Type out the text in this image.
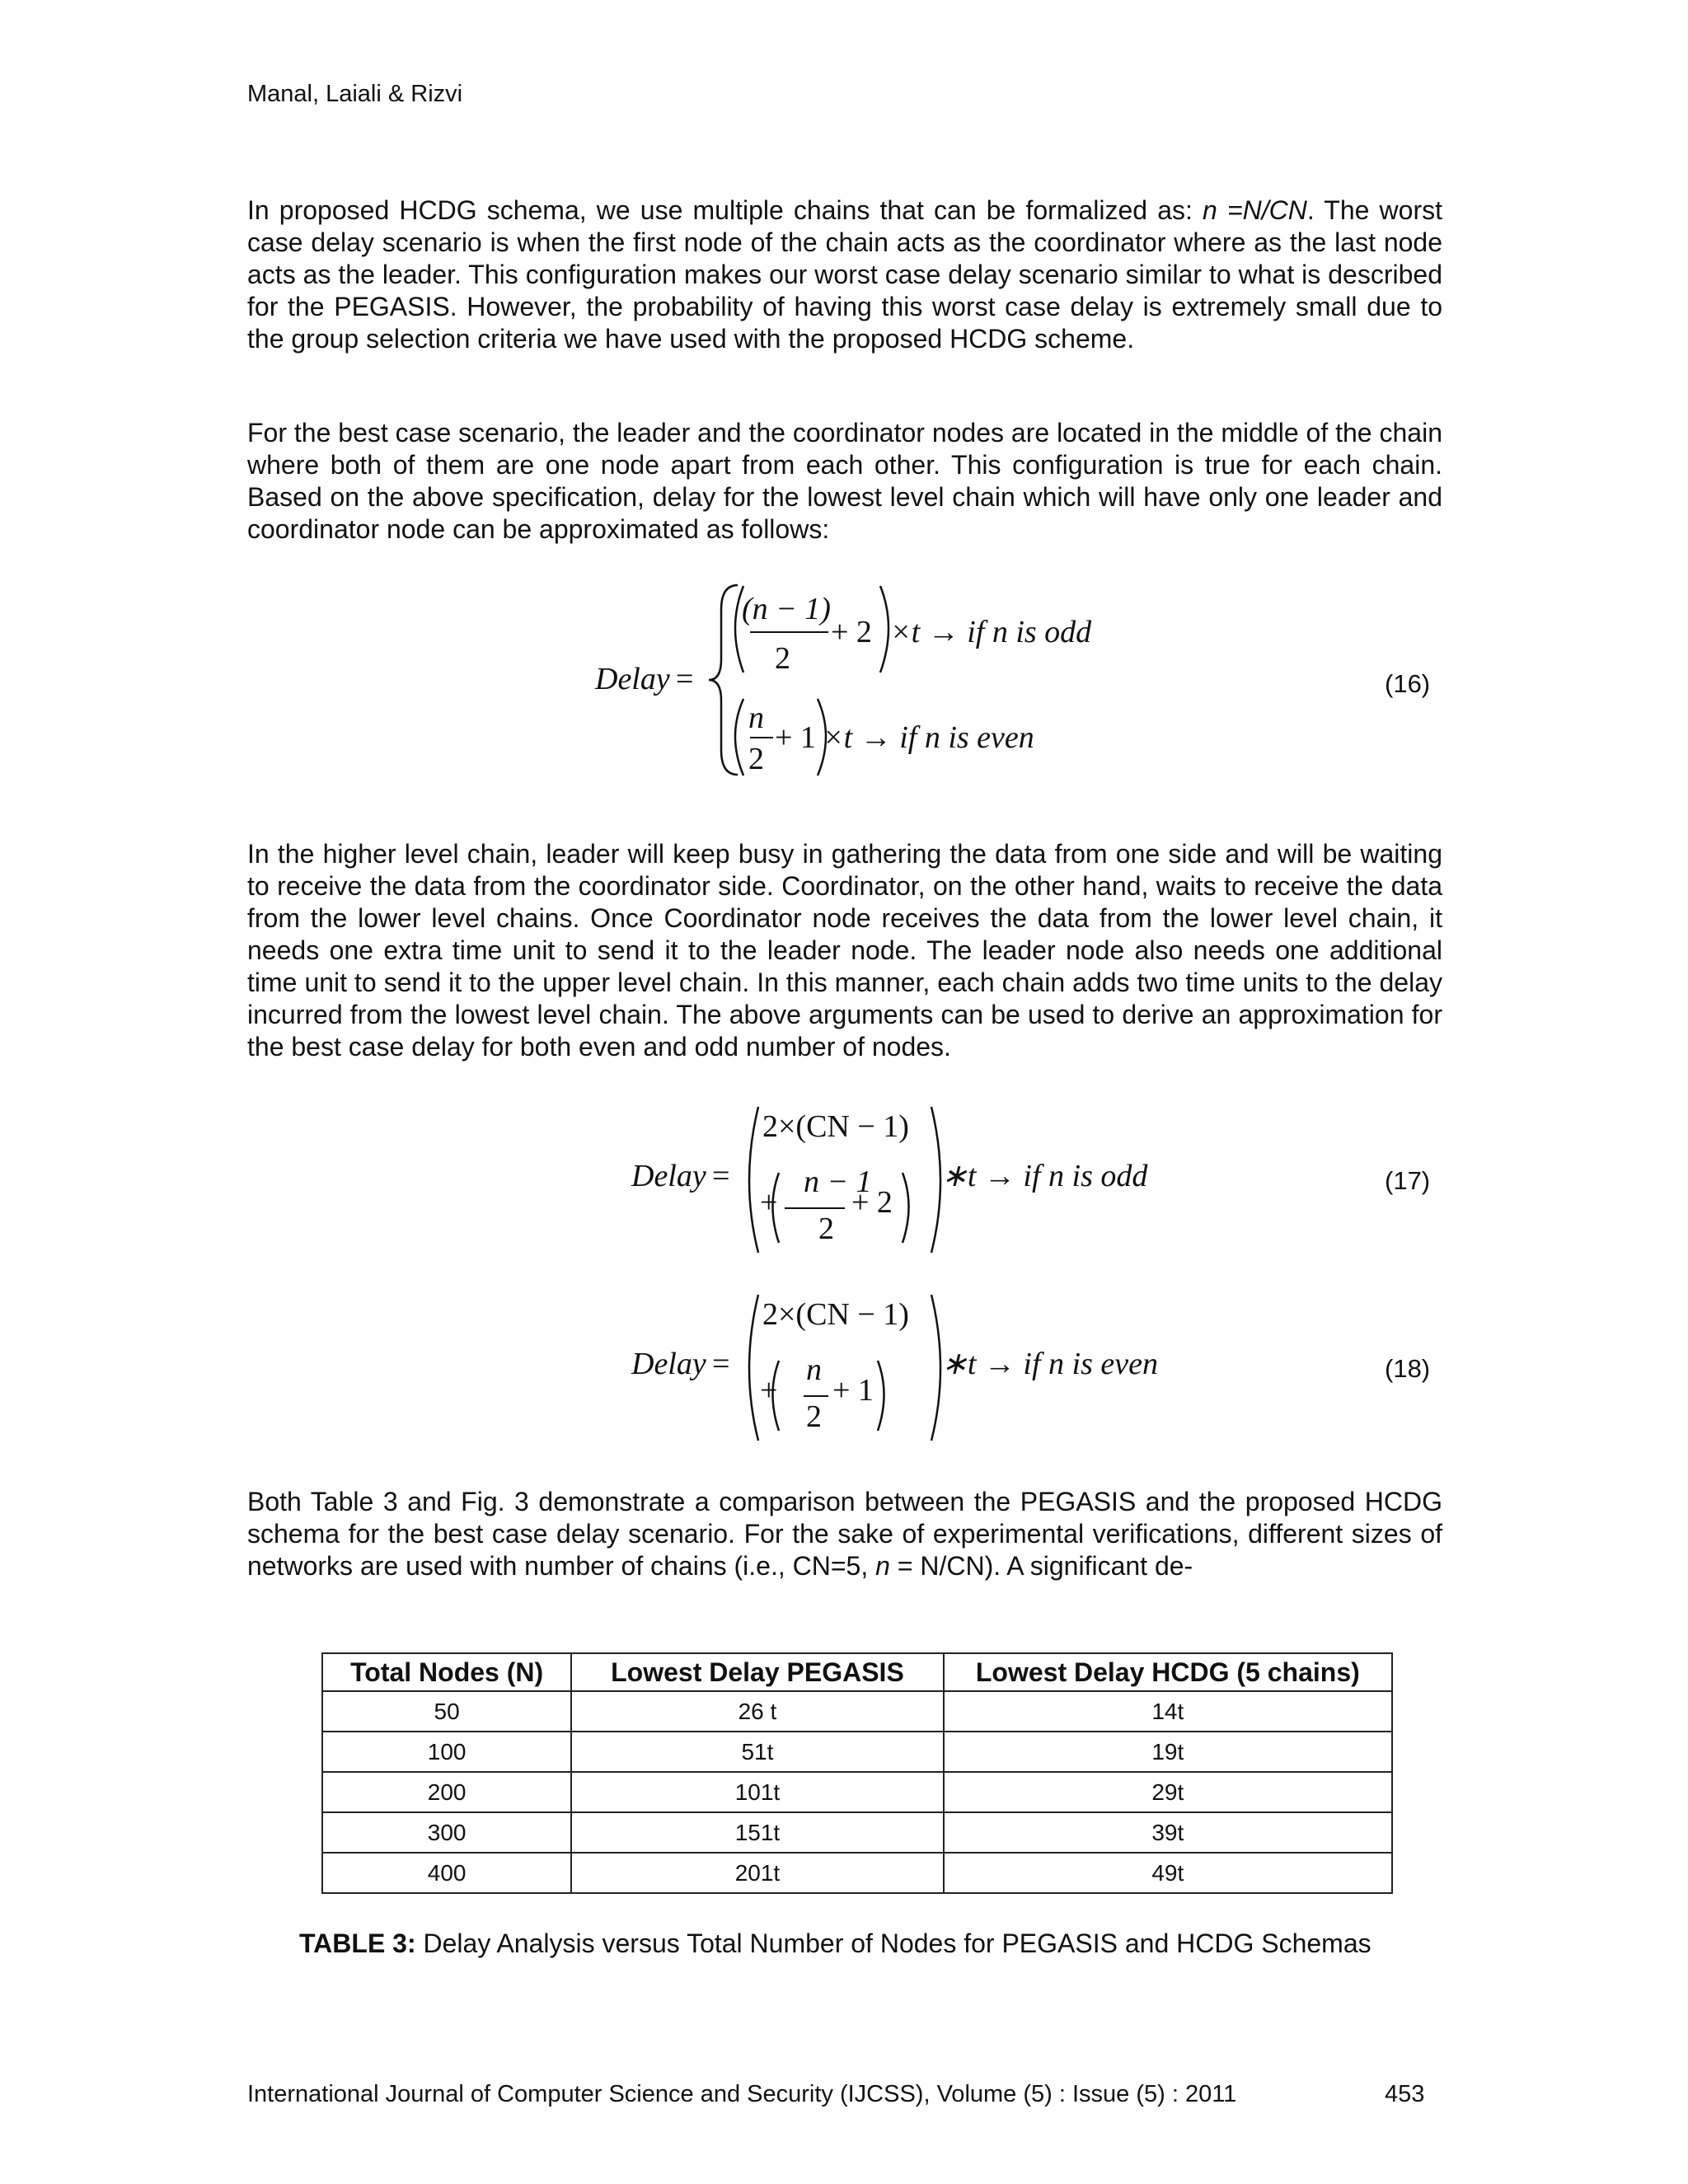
Manal, Laiali & Rizvi

In proposed HCDG schema, we use multiple chains that can be formalized as: n =N/CN. The worst case delay scenario is when the first node of the chain acts as the coordinator where as the last node acts as the leader. This configuration makes our worst case delay scenario similar to what is described for the PEGASIS. However, the probability of having this worst case delay is extremely small due to the group selection criteria we have used with the proposed HCDG scheme.

For the best case scenario, the leader and the coordinator nodes are located in the middle of the chain where both of them are one node apart from each other. This configuration is true for each chain. Based on the above specification, delay for the lowest level chain which will have only one leader and coordinator node can be approximated as follows:

Delay =
(n − 1)
2
+ 2 ×t → if n is odd
n
2
+ 1 ×t → if n is even
(16)

In the higher level chain, leader will keep busy in gathering the data from one side and will be waiting to receive the data from the coordinator side. Coordinator, on the other hand, waits to receive the data from the lower level chains. Once Coordinator node receives the data from the lower level chain, it needs one extra time unit to send it to the leader node. The leader node also needs one additional time unit to send it to the upper level chain. In this manner, each chain adds two time units to the delay incurred from the lowest level chain. The above arguments can be used to derive an approximation for the best case delay for both even and odd number of nodes.

Delay =
2×(CN − 1)
+
n − 1
2
+ 2
∗t → if n is odd	(17)
Delay =
2×(CN − 1)
+
n
2
+ 1
∗t → if n is even	(18)

Both Table 3 and Fig. 3 demonstrate a comparison between the PEGASIS and the proposed HCDG schema for the best case delay scenario. For the sake of experimental verifications, different sizes of networks are used with number of chains (i.e., CN=5, n = N/CN). A significant de-

Total Nodes (N)	Lowest Delay PEGASIS	Lowest Delay HCDG (5 chains)
50	26 t	14t
100	51t	19t
200	101t	29t
300	151t	39t
400	201t	49t
TABLE 3: Delay Analysis versus Total Number of Nodes for PEGASIS and HCDG Schemas
International Journal of Computer Science and Security (IJCSS), Volume (5) : Issue (5) : 2011	453
